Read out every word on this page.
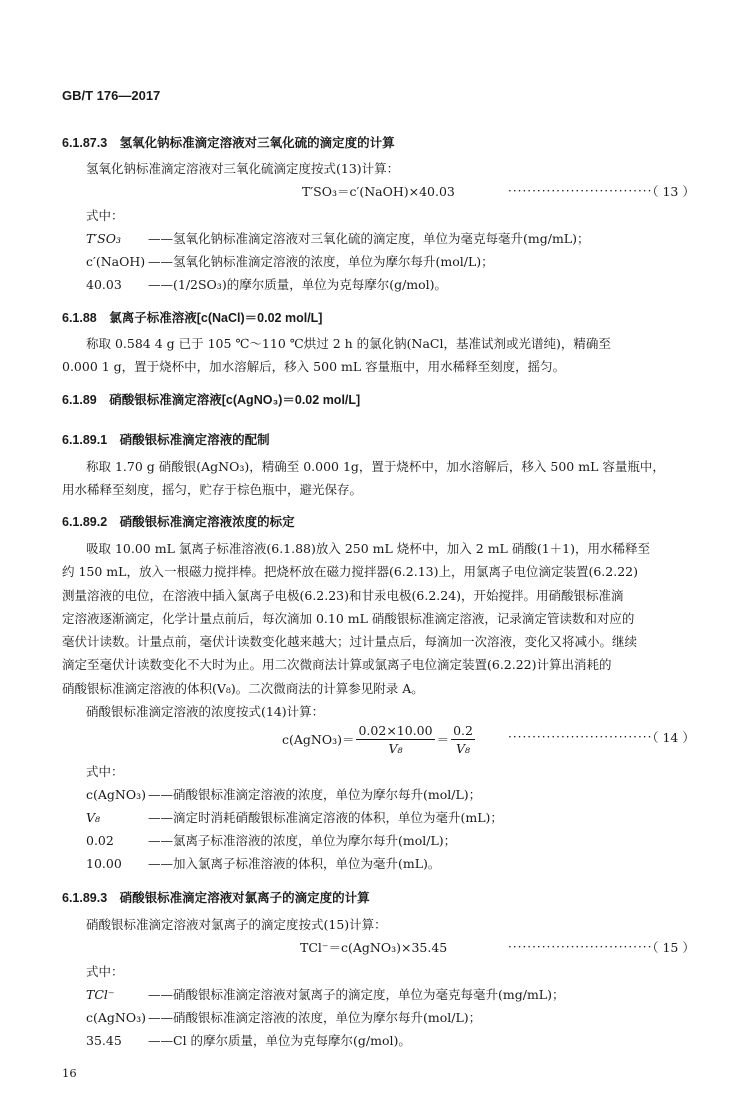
GB/T 176—2017
6.1.87.3　氢氧化钠标准滴定溶液对三氧化硫的滴定度的计算
氢氧化钠标准滴定溶液对三氧化硫滴定度按式(13)计算：
T′SO₃＝c′(NaOH)×40.03	······························
（ 13 ）
式中：
T′SO₃ ——氢氧化钠标准滴定溶液对三氧化硫的滴定度，单位为毫克每毫升(mg/mL)；
c′(NaOH) ——氢氧化钠标准滴定溶液的浓度，单位为摩尔每升(mol/L)；
40.03 ——(1/2SO₃)的摩尔质量，单位为克每摩尔(g/mol)。
6.1.88　氯离子标准溶液[c(NaCl)＝0.02 mol/L]
称取 0.584 4 g 已于 105 ℃～110 ℃烘过 2 h 的氯化钠(NaCl，基准试剂或光谱纯)，精确至
0.000 1 g，置于烧杯中，加水溶解后，移入 500 mL 容量瓶中，用水稀释至刻度，摇匀。
6.1.89　硝酸银标准滴定溶液[c(AgNO₃)＝0.02 mol/L]
6.1.89.1　硝酸银标准滴定溶液的配制
称取 1.70 g 硝酸银(AgNO₃)，精确至 0.000 1g，置于烧杯中，加水溶解后，移入 500 mL 容量瓶中，
用水稀释至刻度，摇匀，贮存于棕色瓶中，避光保存。
6.1.89.2　硝酸银标准滴定溶液浓度的标定
吸取 10.00 mL 氯离子标准溶液(6.1.88)放入 250 mL 烧杯中，加入 2 mL 硝酸(1＋1)，用水稀释至
约 150 mL，放入一根磁力搅拌棒。把烧杯放在磁力搅拌器(6.2.13)上，用氯离子电位滴定装置(6.2.22)
测量溶液的电位，在溶液中插入氯离子电极(6.2.23)和甘汞电极(6.2.24)，开始搅拌。用硝酸银标准滴
定溶液逐渐滴定，化学计量点前后，每次滴加 0.10 mL 硝酸银标准滴定溶液，记录滴定管读数和对应的
毫伏计读数。计量点前，毫伏计读数变化越来越大；过计量点后，每滴加一次溶液，变化又将减小。继续
滴定至毫伏计读数变化不大时为止。用二次微商法计算或氯离子电位滴定装置(6.2.22)计算出消耗的
硝酸银标准滴定溶液的体积(V₈)。二次微商法的计算参见附录 A。
硝酸银标准滴定溶液的浓度按式(14)计算：
c(AgNO₃)＝ $\frac{0.02\times 10.00}{\text{V₈}} = \frac{0.2}{\text{V₈}}$	······························
（ 14 ）
式中：
c(AgNO₃) ——硝酸银标准滴定溶液的浓度，单位为摩尔每升(mol/L)；
V₈	——滴定时消耗硝酸银标准滴定溶液的体积，单位为毫升(mL)；
0.02	——氯离子标准溶液的浓度，单位为摩尔每升(mol/L)；
10.00 ——加入氯离子标准溶液的体积，单位为毫升(mL)。
6.1.89.3　硝酸银标准滴定溶液对氯离子的滴定度的计算
硝酸银标准滴定溶液对氯离子的滴定度按式(15)计算：
TCl⁻＝c(AgNO₃)×35.45	······························
（ 15 ）
式中：
TCl⁻	——硝酸银标准滴定溶液对氯离子的滴定度，单位为毫克每毫升(mg/mL)；
c(AgNO₃) ——硝酸银标准滴定溶液的浓度，单位为摩尔每升(mol/L)；
35.45 ——Cl 的摩尔质量，单位为克每摩尔(g/mol)。
16
